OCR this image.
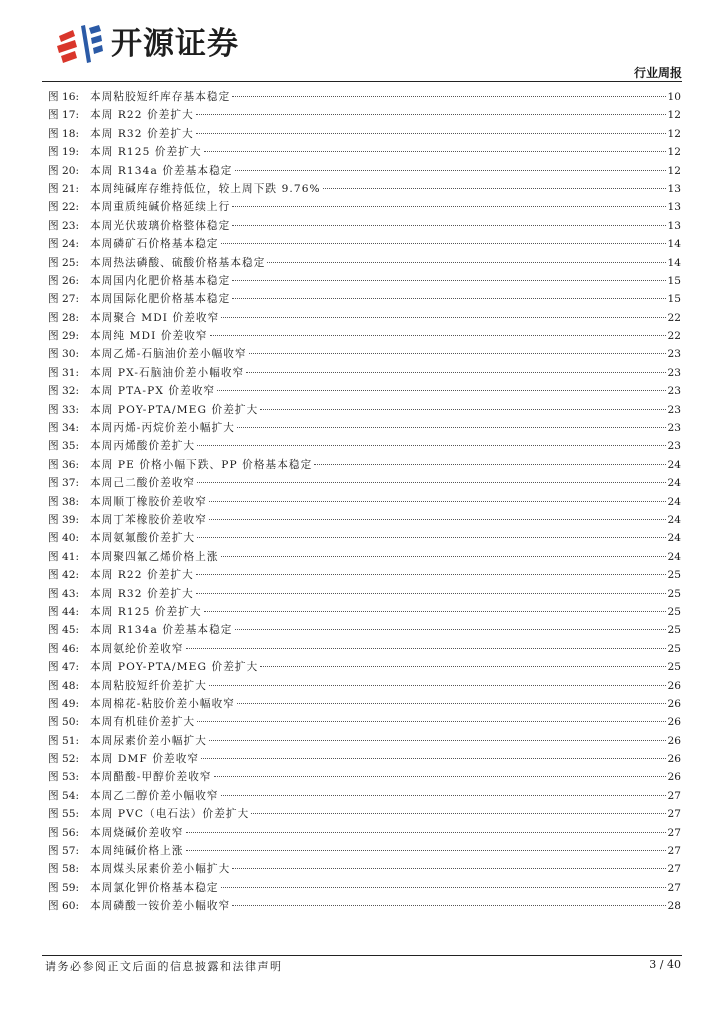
开源证券
行业周报
图 16:	本周粘胶短纤库存基本稳定	10
图 17:	本周 R22 价差扩大	12
图 18:	本周 R32 价差扩大	12
图 19:	本周 R125 价差扩大	12
图 20:	本周 R134a 价差基本稳定	12
图 21:	本周纯碱库存维持低位，较上周下跌 9.76%	13
图 22:	本周重质纯碱价格延续上行	13
图 23:	本周光伏玻璃价格整体稳定	13
图 24:	本周磷矿石价格基本稳定	14
图 25:	本周热法磷酸、硫酸价格基本稳定	14
图 26:	本周国内化肥价格基本稳定	15
图 27:	本周国际化肥价格基本稳定	15
图 28:	本周聚合 MDI 价差收窄	22
图 29:	本周纯 MDI 价差收窄	22
图 30:	本周乙烯-石脑油价差小幅收窄	23
图 31:	本周 PX-石脑油价差小幅收窄	23
图 32:	本周 PTA-PX 价差收窄	23
图 33:	本周 POY-PTA/MEG 价差扩大	23
图 34:	本周丙烯-丙烷价差小幅扩大	23
图 35:	本周丙烯酸价差扩大	23
图 36:	本周 PE 价格小幅下跌、PP 价格基本稳定	24
图 37:	本周己二酸价差收窄	24
图 38:	本周顺丁橡胶价差收窄	24
图 39:	本周丁苯橡胶价差收窄	24
图 40:	本周氨氟酸价差扩大	24
图 41:	本周聚四氟乙烯价格上涨	24
图 42:	本周 R22 价差扩大	25
图 43:	本周 R32 价差扩大	25
图 44:	本周 R125 价差扩大	25
图 45:	本周 R134a 价差基本稳定	25
图 46:	本周氨纶价差收窄	25
图 47:	本周 POY-PTA/MEG 价差扩大	25
图 48:	本周粘胶短纤价差扩大	26
图 49:	本周棉花-粘胶价差小幅收窄	26
图 50:	本周有机硅价差扩大	26
图 51:	本周尿素价差小幅扩大	26
图 52:	本周 DMF 价差收窄	26
图 53:	本周醋酸-甲醇价差收窄	26
图 54:	本周乙二醇价差小幅收窄	27
图 55:	本周 PVC（电石法）价差扩大	27
图 56:	本周烧碱价差收窄	27
图 57:	本周纯碱价格上涨	27
图 58:	本周煤头尿素价差小幅扩大	27
图 59:	本周氯化钾价格基本稳定	27
图 60:	本周磷酸一铵价差小幅收窄	28
请务必参阅正文后面的信息披露和法律声明	3 / 40
